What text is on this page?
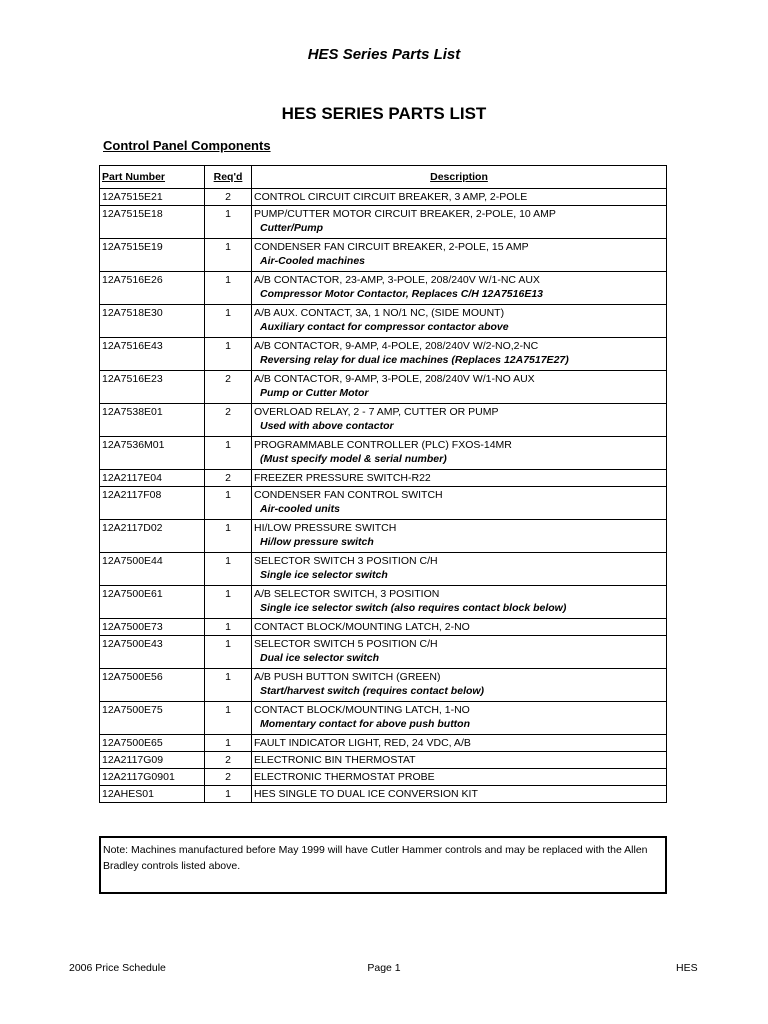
HES Series Parts List
HES SERIES PARTS LIST
Control Panel Components
Part Number	Req'd	Description
12A7515E21	2	CONTROL CIRCUIT CIRCUIT BREAKER, 3 AMP, 2-POLE

12A7515E18	1	PUMP/CUTTER MOTOR CIRCUIT BREAKER, 2-POLE, 10 AMP
Cutter/Pump

12A7515E19	1	CONDENSER FAN CIRCUIT BREAKER, 2-POLE, 15 AMP
Air-Cooled machines

12A7516E26	1	A/B CONTACTOR, 23-AMP, 3-POLE, 208/240V W/1-NC AUX
Compressor Motor Contactor, Replaces C/H 12A7516E13

12A7518E30	1	A/B AUX. CONTACT, 3A, 1 NO/1 NC, (SIDE MOUNT)
Auxiliary contact for compressor contactor above

12A7516E43	1	A/B CONTACTOR, 9-AMP, 4-POLE, 208/240V W/2-NO,2-NC
Reversing relay for dual ice machines (Replaces 12A7517E27)

12A7516E23	2	A/B CONTACTOR, 9-AMP, 3-POLE, 208/240V W/1-NO AUX
Pump or Cutter Motor

12A7538E01	2	OVERLOAD RELAY, 2 - 7 AMP, CUTTER OR PUMP
Used with above contactor

12A7536M01	1	PROGRAMMABLE CONTROLLER (PLC) FXOS-14MR
(Must specify model & serial number)

12A2117E04	2	FREEZER PRESSURE SWITCH-R22

12A2117F08	1	CONDENSER FAN CONTROL SWITCH
Air-cooled units

12A2117D02	1	HI/LOW PRESSURE SWITCH
Hi/low pressure switch

12A7500E44	1	SELECTOR SWITCH 3 POSITION C/H
Single ice selector switch

12A7500E61	1	A/B SELECTOR SWITCH, 3 POSITION
Single ice selector switch (also requires contact block below)

12A7500E73	1	CONTACT BLOCK/MOUNTING LATCH, 2-NO

12A7500E43	1	SELECTOR SWITCH 5 POSITION C/H
Dual ice selector switch

12A7500E56	1	A/B PUSH BUTTON SWITCH (GREEN)
Start/harvest switch (requires contact below)

12A7500E75	1	CONTACT BLOCK/MOUNTING LATCH, 1-NO
Momentary contact for above push button

12A7500E65	1	FAULT INDICATOR LIGHT, RED, 24 VDC, A/B

12A2117G09	2	ELECTRONIC BIN THERMOSTAT

12A2117G0901	2	ELECTRONIC THERMOSTAT PROBE

12AHES01	1	HES SINGLE TO DUAL ICE CONVERSION KIT
Note: Machines manufactured before May 1999 will have Cutler Hammer controls and may be replaced with the Allen Bradley controls listed above.
2006 Price Schedule	Page 1	HES
